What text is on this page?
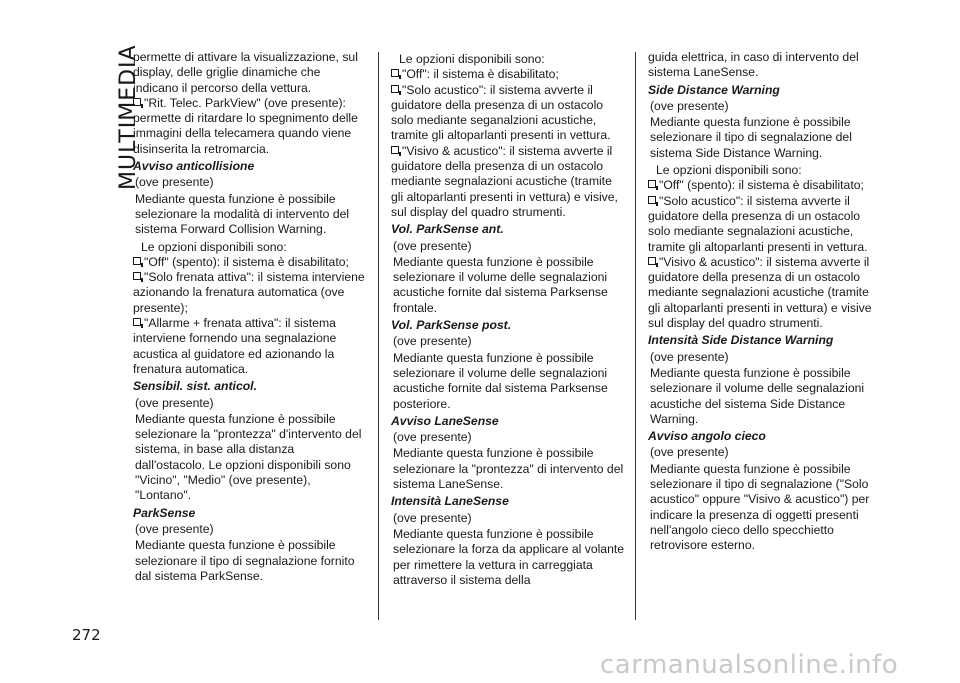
MULTIMEDIA

permette di attivare la visualizzazione, sul display, delle griglie dinamiche che indicano il percorso della vettura.

"Rit. Telec. ParkView" (ove presente): permette di ritardare lo spegnimento delle immagini della telecamera quando viene disinserita la retromarcia.

Avviso anticollisione

(ove presente)

Mediante questa funzione è possibile selezionare la modalità di intervento del sistema Forward Collision Warning.

Le opzioni disponibili sono:

"Off" (spento): il sistema è disabilitato;

"Solo frenata attiva": il sistema interviene azionando la frenatura automatica (ove presente);

"Allarme + frenata attiva": il sistema interviene fornendo una segnalazione acustica al guidatore ed azionando la frenatura automatica.

Sensibil. sist. anticol.

(ove presente)

Mediante questa funzione è possibile selezionare la "prontezza" d'intervento del sistema, in base alla distanza dall'ostacolo. Le opzioni disponibili sono "Vicino", "Medio" (ove presente), "Lontano".

ParkSense

(ove presente)

Mediante questa funzione è possibile selezionare il tipo di segnalazione fornito dal sistema ParkSense.

Le opzioni disponibili sono:

"Off": il sistema è disabilitato;

"Solo acustico": il sistema avverte il guidatore della presenza di un ostacolo solo mediante seganalzioni acustiche, tramite gli altoparlanti presenti in vettura.

"Visivo & acustico": il sistema avverte il guidatore della presenza di un ostacolo mediante segnalazioni acustiche (tramite gli altoparlanti presenti in vettura) e visive, sul display del quadro strumenti.

Vol. ParkSense ant.

(ove presente)

Mediante questa funzione è possibile selezionare il volume delle segnalazioni acustiche fornite dal sistema Parksense frontale.

Vol. ParkSense post.

(ove presente)

Mediante questa funzione è possibile selezionare il volume delle segnalazioni acustiche fornite dal sistema Parksense posteriore.

Avviso LaneSense

(ove presente)

Mediante questa funzione è possibile selezionare la "prontezza" di intervento del sistema LaneSense.

Intensità LaneSense

(ove presente)

Mediante questa funzione è possibile selezionare la forza da applicare al volante per rimettere la vettura in carreggiata attraverso il sistema della

guida elettrica, in caso di intervento del sistema LaneSense.

Side Distance Warning

(ove presente)

Mediante questa funzione è possibile selezionare il tipo di segnalazione del sistema Side Distance Warning.

Le opzioni disponibili sono:

"Off" (spento): il sistema è disabilitato;

"Solo acustico": il sistema avverte il guidatore della presenza di un ostacolo solo mediante segnalazioni acustiche, tramite gli altoparlanti presenti in vettura.

"Visivo & acustico": il sistema avverte il guidatore della presenza di un ostacolo mediante segnalazioni acustiche (tramite gli altoparlanti presenti in vettura) e visive sul display del quadro strumenti.

Intensità Side Distance Warning

(ove presente)

Mediante questa funzione è possibile selezionare il volume delle segnalazioni acustiche del sistema Side Distance Warning.

Avviso angolo cieco

(ove presente)

Mediante questa funzione è possibile selezionare il tipo di segnalazione ("Solo acustico" oppure "Visivo & acustico") per indicare la presenza di oggetti presenti nell'angolo cieco dello specchietto retrovisore esterno.

272
carmanualsonline.info
